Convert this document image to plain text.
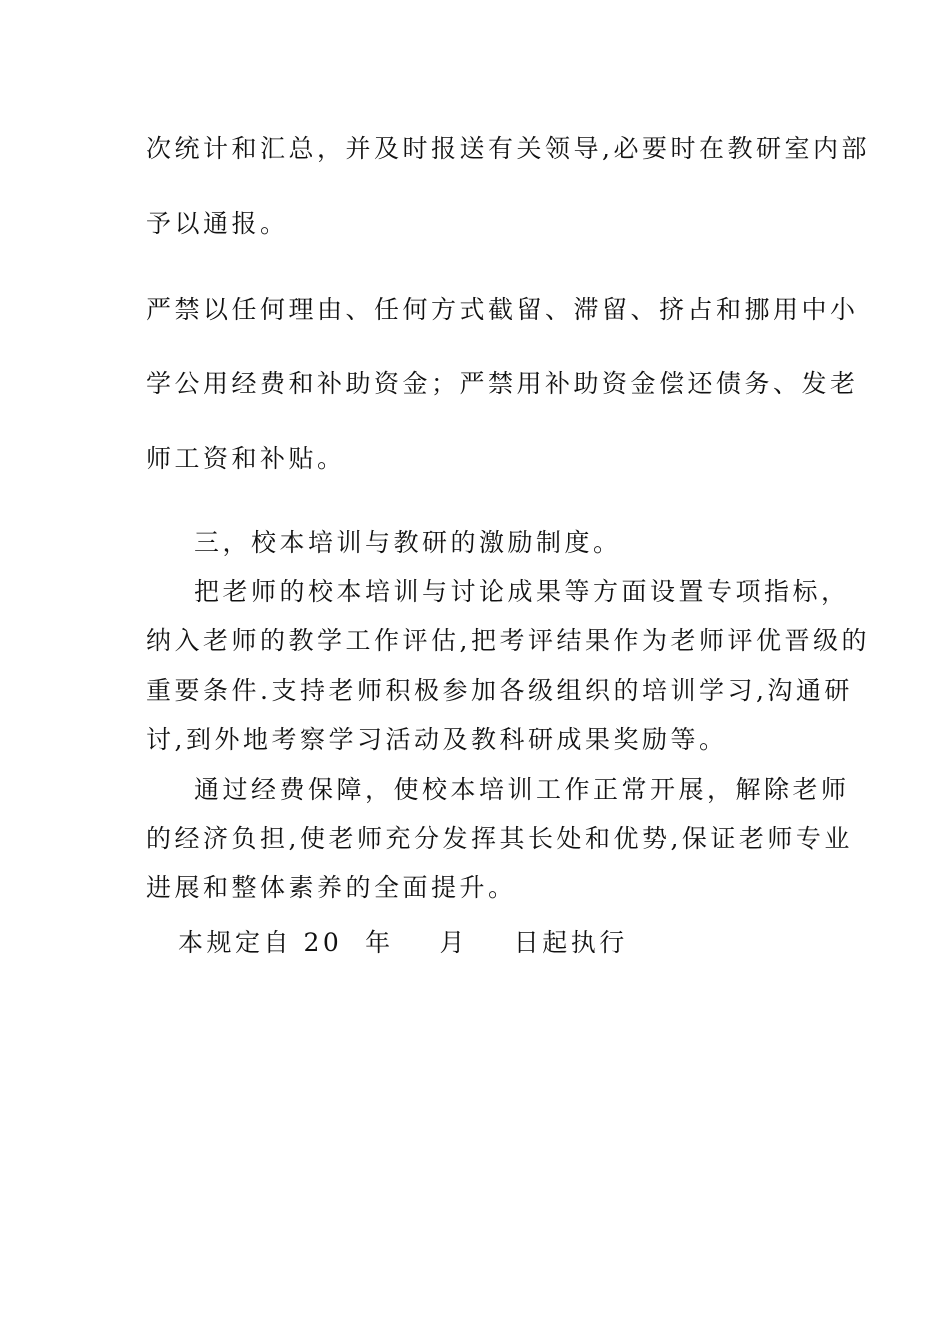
次统计和汇总，并及时报送有关领导,必要时在教研室内部
予以通报。
严禁以任何理由、任何方式截留、滞留、挤占和挪用中小
学公用经费和补助资金；严禁用补助资金偿还债务、发老
师工资和补贴。
三，校本培训与教研的激励制度。
把老师的校本培训与讨论成果等方面设置专项指标，
纳入老师的教学工作评估,把考评结果作为老师评优晋级的
重要条件.支持老师积极参加各级组织的培训学习,沟通研
讨,到外地考察学习活动及教科研成果奖励等。
通过经费保障，使校本培训工作正常开展，解除老师
的经济负担,使老师充分发挥其长处和优势,保证老师专业
进展和整体素养的全面提升。
本规定自 20  年    月    日起执行
